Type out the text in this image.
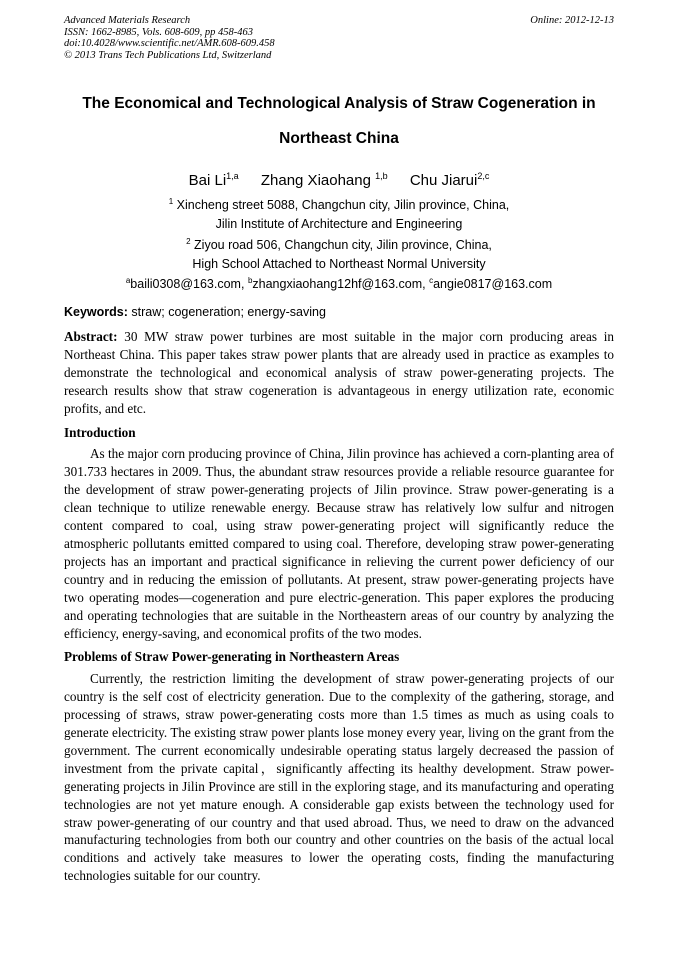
Advanced Materials Research
ISSN: 1662-8985, Vols. 608-609, pp 458-463
doi:10.4028/www.scientific.net/AMR.608-609.458
© 2013 Trans Tech Publications Ltd, Switzerland
Online: 2012-12-13
The Economical and Technological Analysis of Straw Cogeneration in
Northeast China
Bai Li$^{1,a}$ Zhang Xiaohang $^{1,b}$ Chu Jiarui$^{2,c}$
$^1$ Xincheng street 5088, Changchun city, Jilin province, China,
Jilin Institute of Architecture and Engineering
$^2$ Ziyou road 506, Changchun city, Jilin province, China,
High School Attached to Northeast Normal University
$^a$baili0308@163.com, $^b$zhangxiaohang12hf@163.com, $^c$angie0817@163.com
Keywords: straw; cogeneration; energy-saving

Abstract: 30 MW straw power turbines are most suitable in the major corn producing areas in Northeast China. This paper takes straw power plants that are already used in practice as examples to demonstrate the technological and economical analysis of straw power-generating projects. The research results show that straw cogeneration is advantageous in energy utilization rate, economic profits, and etc.

Introduction

As the major corn producing province of China, Jilin province has achieved a corn-planting area of 301.733 hectares in 2009. Thus, the abundant straw resources provide a reliable resource guarantee for the development of straw power-generating projects of Jilin province. Straw power-generating is a clean technique to utilize renewable energy. Because straw has relatively low sulfur and nitrogen content compared to coal, using straw power-generating project will significantly reduce the atmospheric pollutants emitted compared to using coal. Therefore, developing straw power-generating projects has an important and practical significance in relieving the current power deficiency of our country and in reducing the emission of pollutants. At present, straw power-generating projects have two operating modes—cogeneration and pure electric-generation. This paper explores the producing and operating technologies that are suitable in the Northeastern areas of our country by analyzing the efficiency, energy-saving, and economical profits of the two modes.

Problems of Straw Power-generating in Northeastern Areas

Currently, the restriction limiting the development of straw power-generating projects of our country is the self cost of electricity generation. Due to the complexity of the gathering, storage, and processing of straws, straw power-generating costs more than 1.5 times as much as using coals to generate electricity. The existing straw power plants lose money every year, living on the grant from the government. The current economically undesirable operating status largely decreased the passion of investment from the private capital，significantly affecting its healthy development. Straw power-generating projects in Jilin Province are still in the exploring stage, and its manufacturing and operating technologies are not yet mature enough. A considerable gap exists between the technology used for straw power-generating of our country and that used abroad. Thus, we need to draw on the advanced manufacturing technologies from both our country and other countries on the basis of the actual local conditions and actively take measures to lower the operating costs, finding the manufacturing technologies suitable for our country.
